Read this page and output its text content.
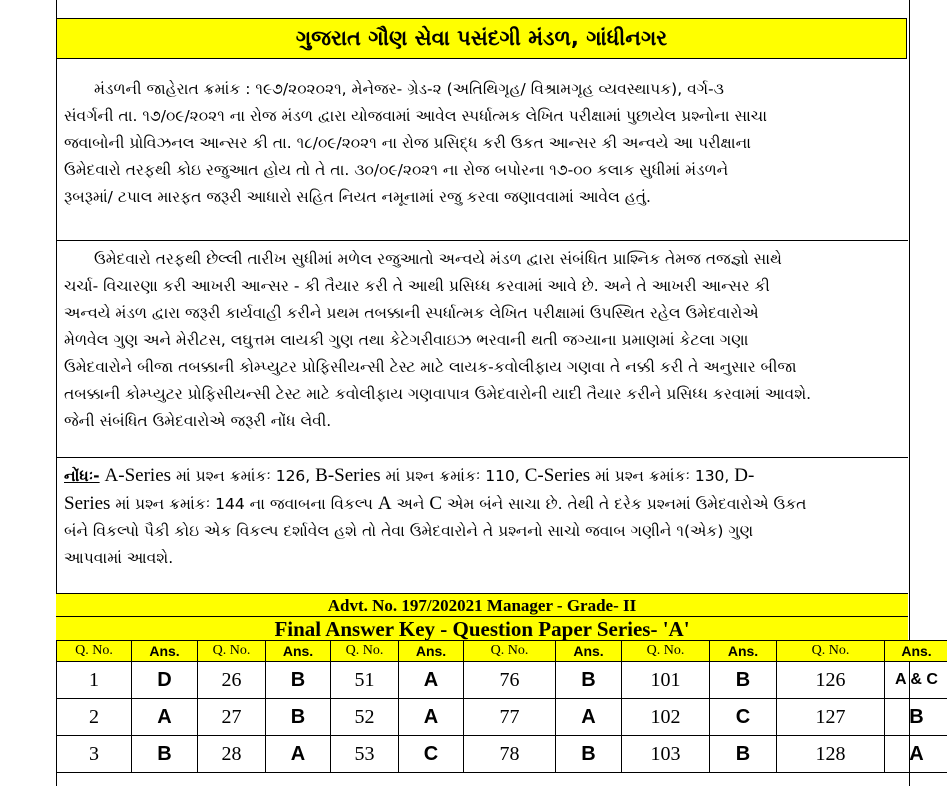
ગુજરાત ગૌણ સેવા પસંદગી મંડળ, ગાંધીનગર
મંડળની જાહેરાત ક્રમાંક : ૧૯૭/૨૦૨૦૨૧, મેનેજર- ગ્રેડ-૨ (અતિથિગૃહ/ વિશ્રામગૃહ વ્યવસ્થાપક), વર્ગ-૩
સંવર્ગની તા. ૧૭/૦૯/૨૦૨૧ ના રોજ મંડળ દ્વારા યોજવામાં આવેલ સ્પર્ધાત્મક લેખિત પરીક્ષામાં પુછાયેલ પ્રશ્નોના સાચા
જવાબોની પ્રોવિઝનલ આન્સર કી તા. ૧૮/૦૯/૨૦૨૧ ના રોજ પ્રસિદ્ધ કરી ઉકત આન્સર કી અન્વયે આ પરીક્ષાના
ઉમેદવારો તરફથી કોઇ રજુઆત હોય તો તે તા. ૩૦/૦૯/૨૦૨૧ ના રોજ બપોરના ૧૭-૦૦ કલાક સુધીમાં મંડળને
રૂબરૂમાં/ ટપાલ મારફત જરૂરી આધારો સહિત નિયત નમૂનામાં રજુ કરવા જણાવવામાં આવેલ હતું.
ઉમેદવારો તરફથી છેલ્લી તારીખ સુધીમાં મળેલ રજુઆતો અન્વયે મંડળ દ્વારા સંબંધિત પ્રાશ્નિક તેમજ તજજ્ઞો સાથે
ચર્ચા- વિચારણા કરી આખરી આન્સર - કી તૈયાર કરી તે આથી પ્રસિધ્ધ કરવામાં આવે છે. અને તે આખરી આન્સર કી
અન્વયે મંડળ દ્વારા જરૂરી કાર્યવાહી કરીને પ્રથમ તબક્કાની સ્પર્ધાત્મક લેખિત પરીક્ષામાં ઉપસ્થિત રહેલ ઉમેદવારોએ
મેળવેલ ગુણ અને મેરીટસ, લઘુત્તમ લાયકી ગુણ તથા કેટેગરીવાઇઝ ભરવાની થતી જગ્યાના પ્રમાણમાં કેટલા ગણા
ઉમેદવારોને બીજા તબક્કાની કોમ્પ્યુટર પ્રોફિસીયન્સી ટેસ્ટ માટે લાયક-કવોલીફાય ગણવા તે નક્કી કરી તે અનુસાર બીજા
તબક્કાની કોમ્પ્યુટર પ્રોફિસીયન્સી ટેસ્ટ માટે કવોલીફાય ગણવાપાત્ર ઉમેદવારોની યાદી તૈયાર કરીને પ્રસિધ્ધ કરવામાં આવશે.
જેની સંબંધિત ઉમેદવારોએ જરૂરી નોંધ લેવી.
નોંધઃ- A-Series માં પ્રશ્ન ક્રમાંકઃ 126, B-Series માં પ્રશ્ન ક્રમાંકઃ 110, C-Series માં પ્રશ્ન ક્રમાંકઃ 130, D-
Series માં પ્રશ્ન ક્રમાંકઃ 144 ના જવાબના વિકલ્પ A અને C એમ બંને સાચા છે. તેથી તે દરેક પ્રશ્નમાં ઉમેદવારોએ ઉકત
બંને વિકલ્પો પૈકી કોઇ એક વિકલ્પ દર્શાવેલ હશે તો તેવા ઉમેદવારોને તે પ્રશ્નનો સાચો જવાબ ગણીને ૧(એક) ગુણ
આપવામાં આવશે.
Advt. No. 197/202021 Manager - Grade- II
Final Answer Key - Question Paper Series- 'A'
Q. No.	Ans.	Q. No.	Ans.	Q. No.	Ans.	Q. No.	Ans.	Q. No.	Ans.	Q. No.	Ans.
1	D	26	B	51	A	76	B	101	B	126	A & C
2	A	27	B	52	A	77	A	102	C	127	B
3	B	28	A	53	C	78	B	103	B	128	A
